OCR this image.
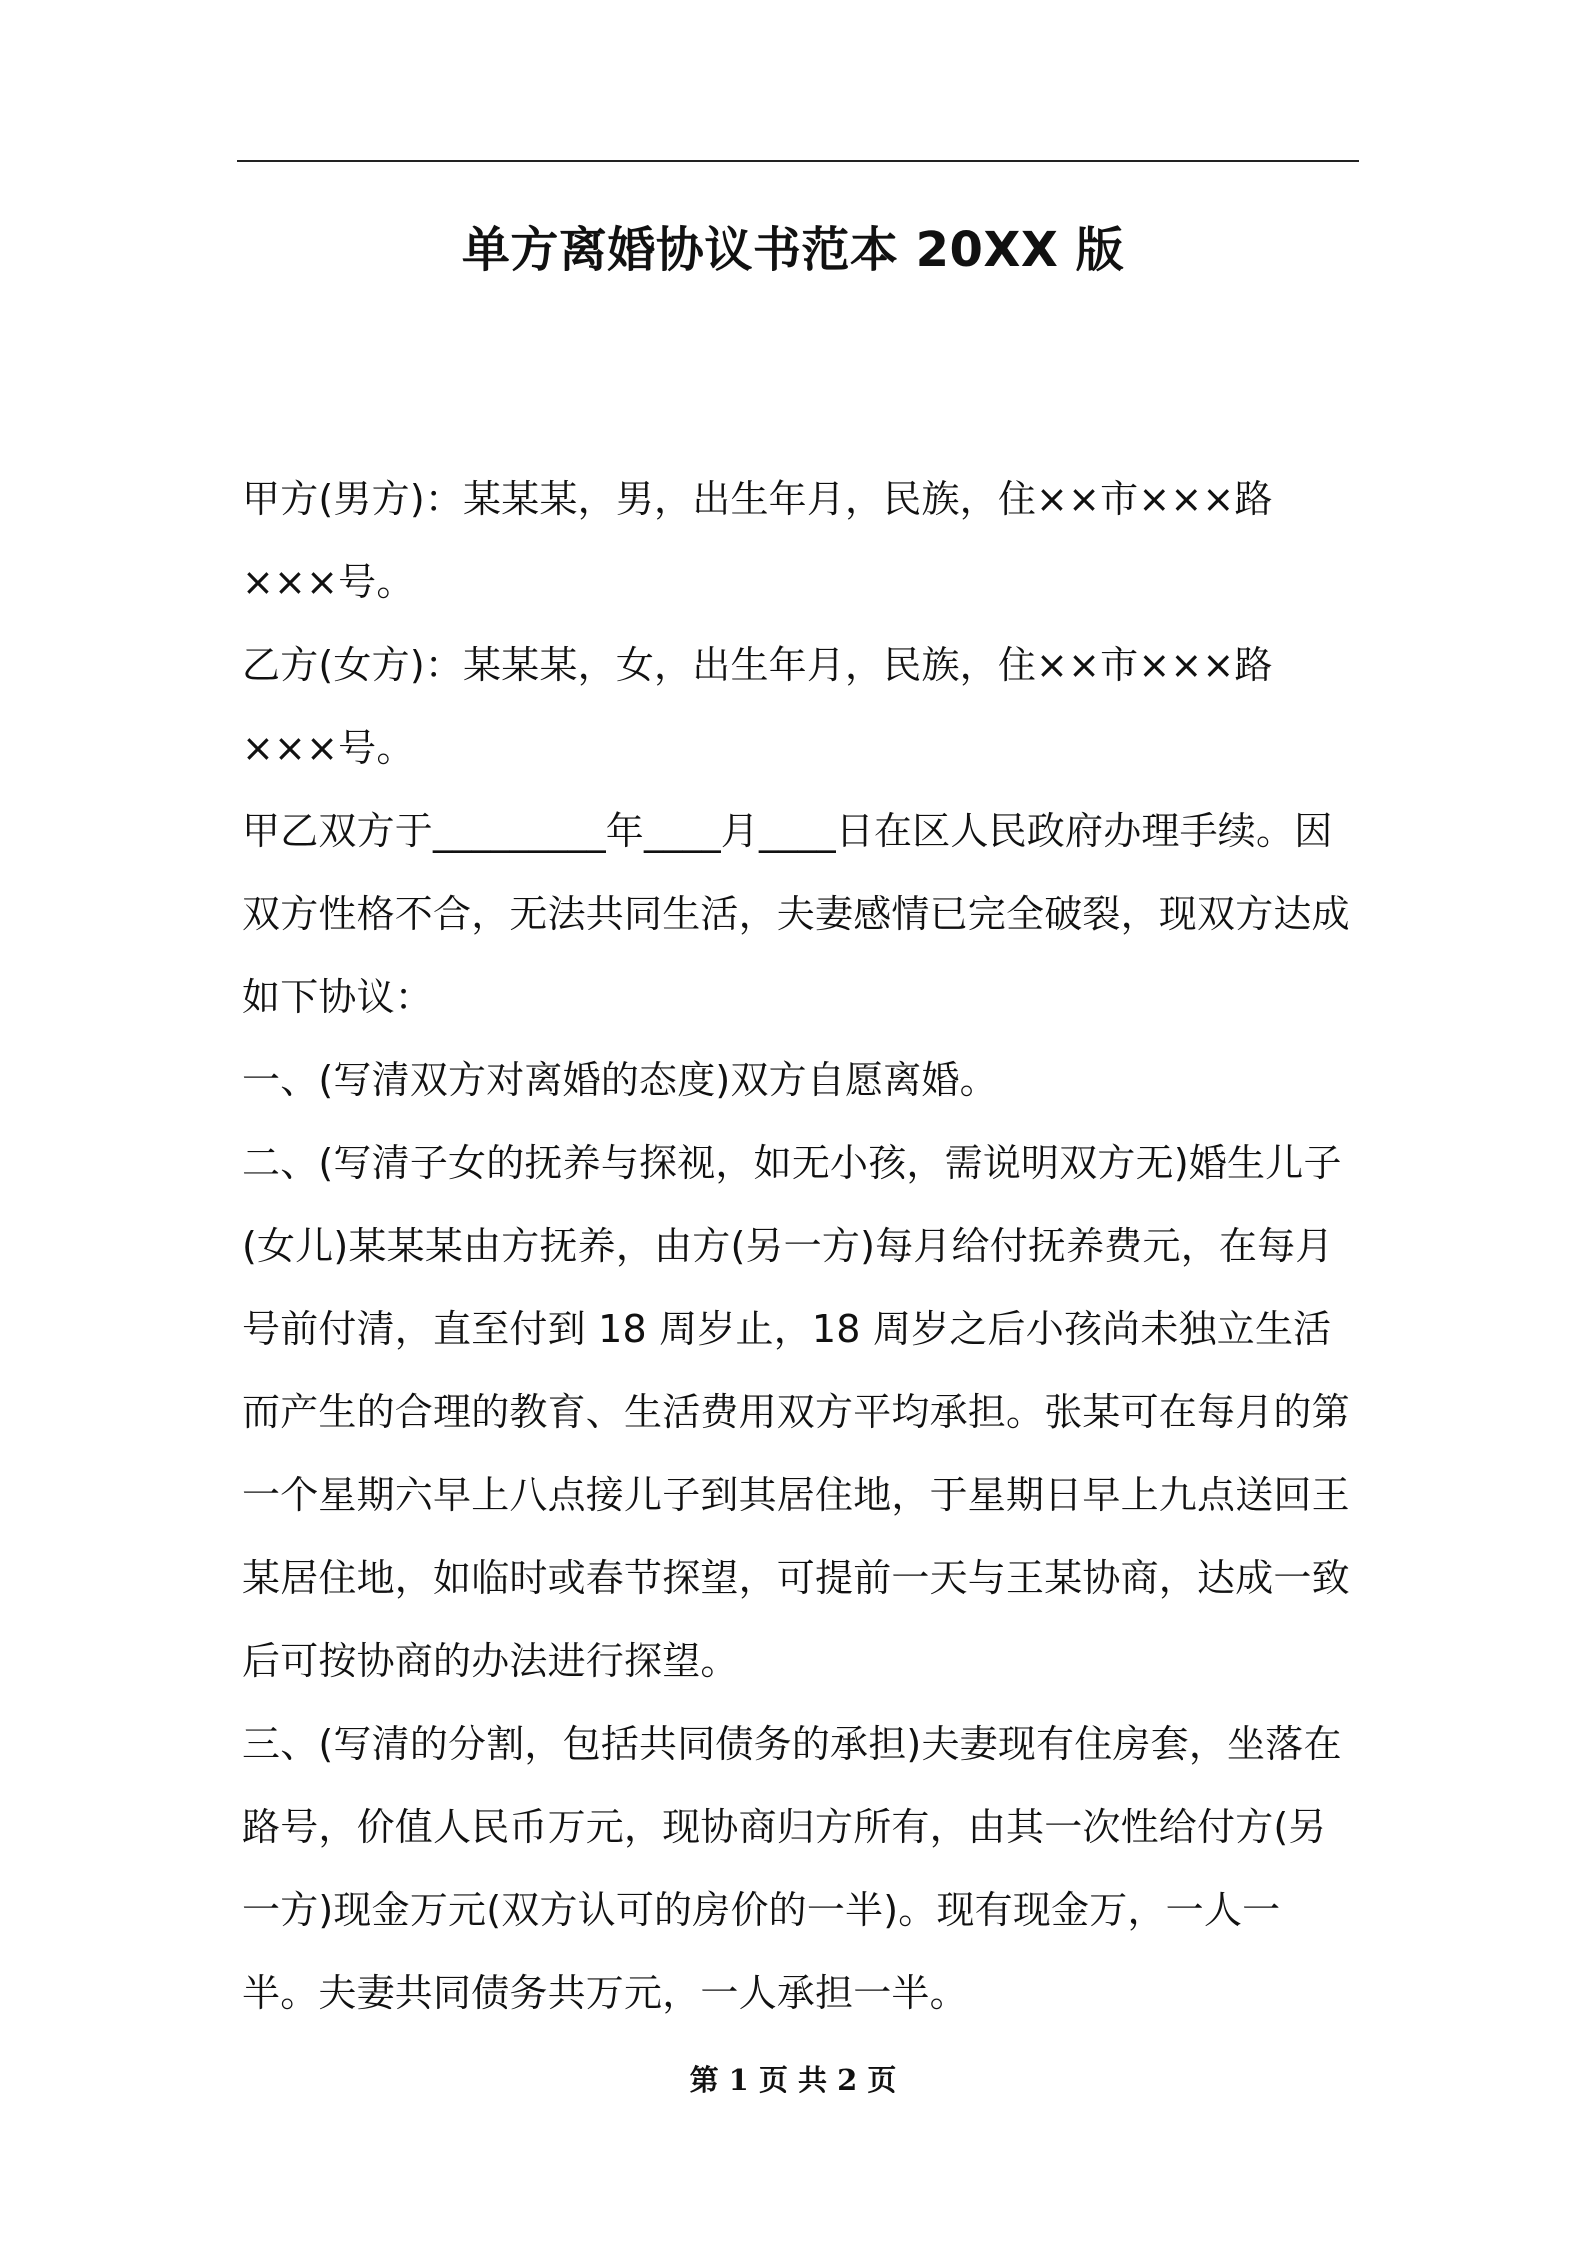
单方离婚协议书范本 20XX 版

甲方(男方)：某某某，男，出生年月，民族，住××市×××路×××号。

乙方(女方)：某某某，女，出生年月，民族，住××市×××路×××号。

甲乙双方于_________年____月____日在区人民政府办理手续。因双方性格不合，无法共同生活，夫妻感情已完全破裂，现双方达成如下协议：

一、(写清双方对离婚的态度)双方自愿离婚。

二、(写清子女的抚养与探视，如无小孩，需说明双方无)婚生儿子(女儿)某某某由方抚养，由方(另一方)每月给付抚养费元，在每月号前付清，直至付到 18 周岁止，18 周岁之后小孩尚未独立生活而产生的合理的教育、生活费用双方平均承担。张某可在每月的第一个星期六早上八点接儿子到其居住地，于星期日早上九点送回王某居住地，如临时或春节探望，可提前一天与王某协商，达成一致后可按协商的办法进行探望。

三、(写清的分割，包括共同债务的承担)夫妻现有住房套，坐落在路号，价值人民币万元，现协商归方所有，由其一次性给付方(另一方)现金万元(双方认可的房价的一半)。现有现金万，一人一半。夫妻共同债务共万元，一人承担一半。

第 1 页 共 2 页
